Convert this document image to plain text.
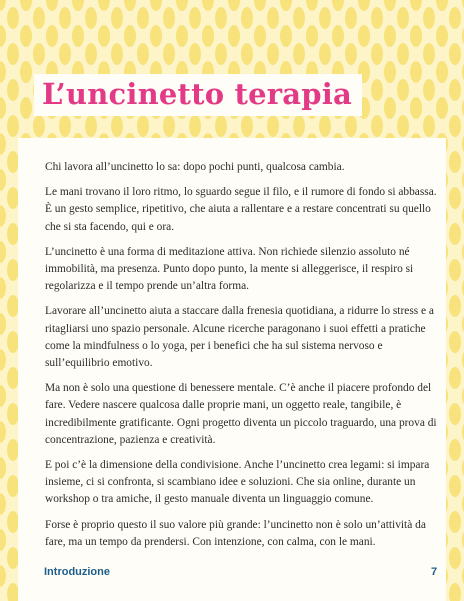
L’uncinetto terapia

Chi lavora all’uncinetto lo sa: dopo pochi punti, qualcosa cambia.

Le mani trovano il loro ritmo, lo sguardo segue il filo, e il rumore di fondo si abbassa. È un gesto semplice, ripetitivo, che aiuta a rallentare e a restare concentrati su quello che si sta facendo, qui e ora.

L’uncinetto è una forma di meditazione attiva. Non richiede silenzio assoluto né immobilità, ma presenza. Punto dopo punto, la mente si alleggerisce, il respiro si regolarizza e il tempo prende un’altra forma.

Lavorare all’uncinetto aiuta a staccare dalla frenesia quotidiana, a ridurre lo stress e a ritagliarsi uno spazio personale. Alcune ricerche paragonano i suoi effetti a pratiche come la mindfulness o lo yoga, per i benefici che ha sul sistema nervoso e sull’equilibrio emotivo.

Ma non è solo una questione di benessere mentale. C’è anche il piacere profondo del fare. Vedere nascere qualcosa dalle proprie mani, un oggetto reale, tangibile, è incredibilmente gratificante. Ogni progetto diventa un piccolo traguardo, una prova di concentrazione, pazienza e creatività.

E poi c’è la dimensione della condivisione. Anche l’uncinetto crea legami: si impara insieme, ci si confronta, si scambiano idee e soluzioni. Che sia online, durante un workshop o tra amiche, il gesto manuale diventa un linguaggio comune.

Forse è proprio questo il suo valore più grande: l’uncinetto non è solo un’attività da fare, ma un tempo da prendersi. Con intenzione, con calma, con le mani.

Introduzione	7
